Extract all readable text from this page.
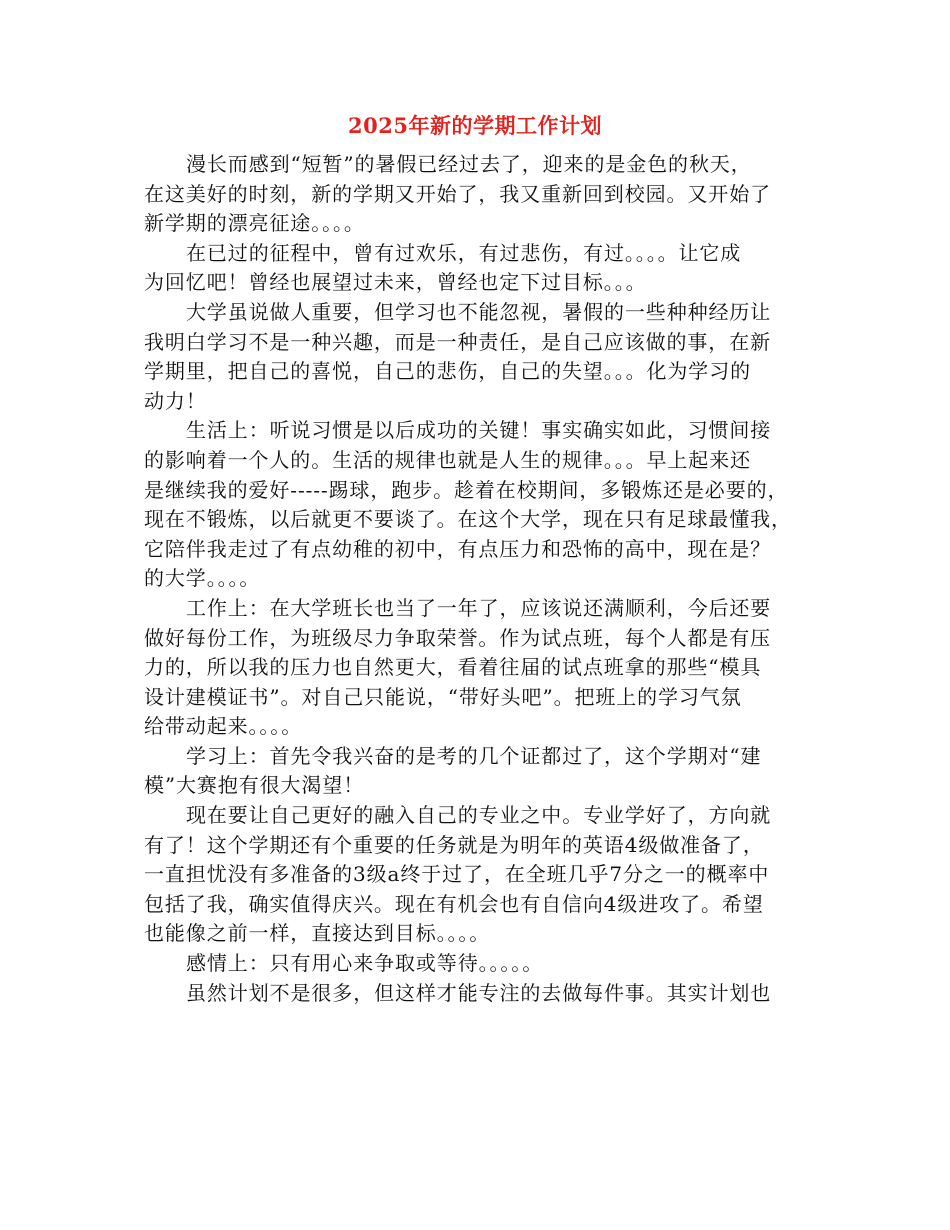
2025年新的学期工作计划
漫长而感到“短暂”的暑假已经过去了，迎来的是金色的秋天，
在这美好的时刻，新的学期又开始了，我又重新回到校园。又开始了
新学期的漂亮征途。。。。
在已过的征程中，曾有过欢乐，有过悲伤，有过。。。。让它成
为回忆吧！曾经也展望过未来，曾经也定下过目标。。。
大学虽说做人重要，但学习也不能忽视，暑假的一些种种经历让
我明白学习不是一种兴趣，而是一种责任，是自己应该做的事，在新
学期里，把自己的喜悦，自己的悲伤，自己的失望。。。化为学习的
动力！
生活上：听说习惯是以后成功的关键！事实确实如此，习惯间接
的影响着一个人的。生活的规律也就是人生的规律。。。早上起来还
是继续我的爱好-----踢球，跑步。趁着在校期间，多锻炼还是必要的，
现在不锻炼，以后就更不要谈了。在这个大学，现在只有足球最懂我，
它陪伴我走过了有点幼稚的初中，有点压力和恐怖的高中，现在是？
的大学。。。。
工作上：在大学班长也当了一年了，应该说还满顺利，今后还要
做好每份工作，为班级尽力争取荣誉。作为试点班，每个人都是有压
力的，所以我的压力也自然更大，看着往届的试点班拿的那些“模具
设计建模证书”。对自己只能说，“带好头吧”。把班上的学习气氛
给带动起来。。。。
学习上：首先令我兴奋的是考的几个证都过了，这个学期对“建
模”大赛抱有很大渴望！
现在要让自己更好的融入自己的专业之中。专业学好了，方向就
有了！这个学期还有个重要的任务就是为明年的英语4级做准备了，
一直担忧没有多准备的3级a终于过了，在全班几乎7分之一的概率中
包括了我，确实值得庆兴。现在有机会也有自信向4级进攻了。希望
也能像之前一样，直接达到目标。。。。
感情上：只有用心来争取或等待。。。。。
虽然计划不是很多，但这样才能专注的去做每件事。其实计划也
